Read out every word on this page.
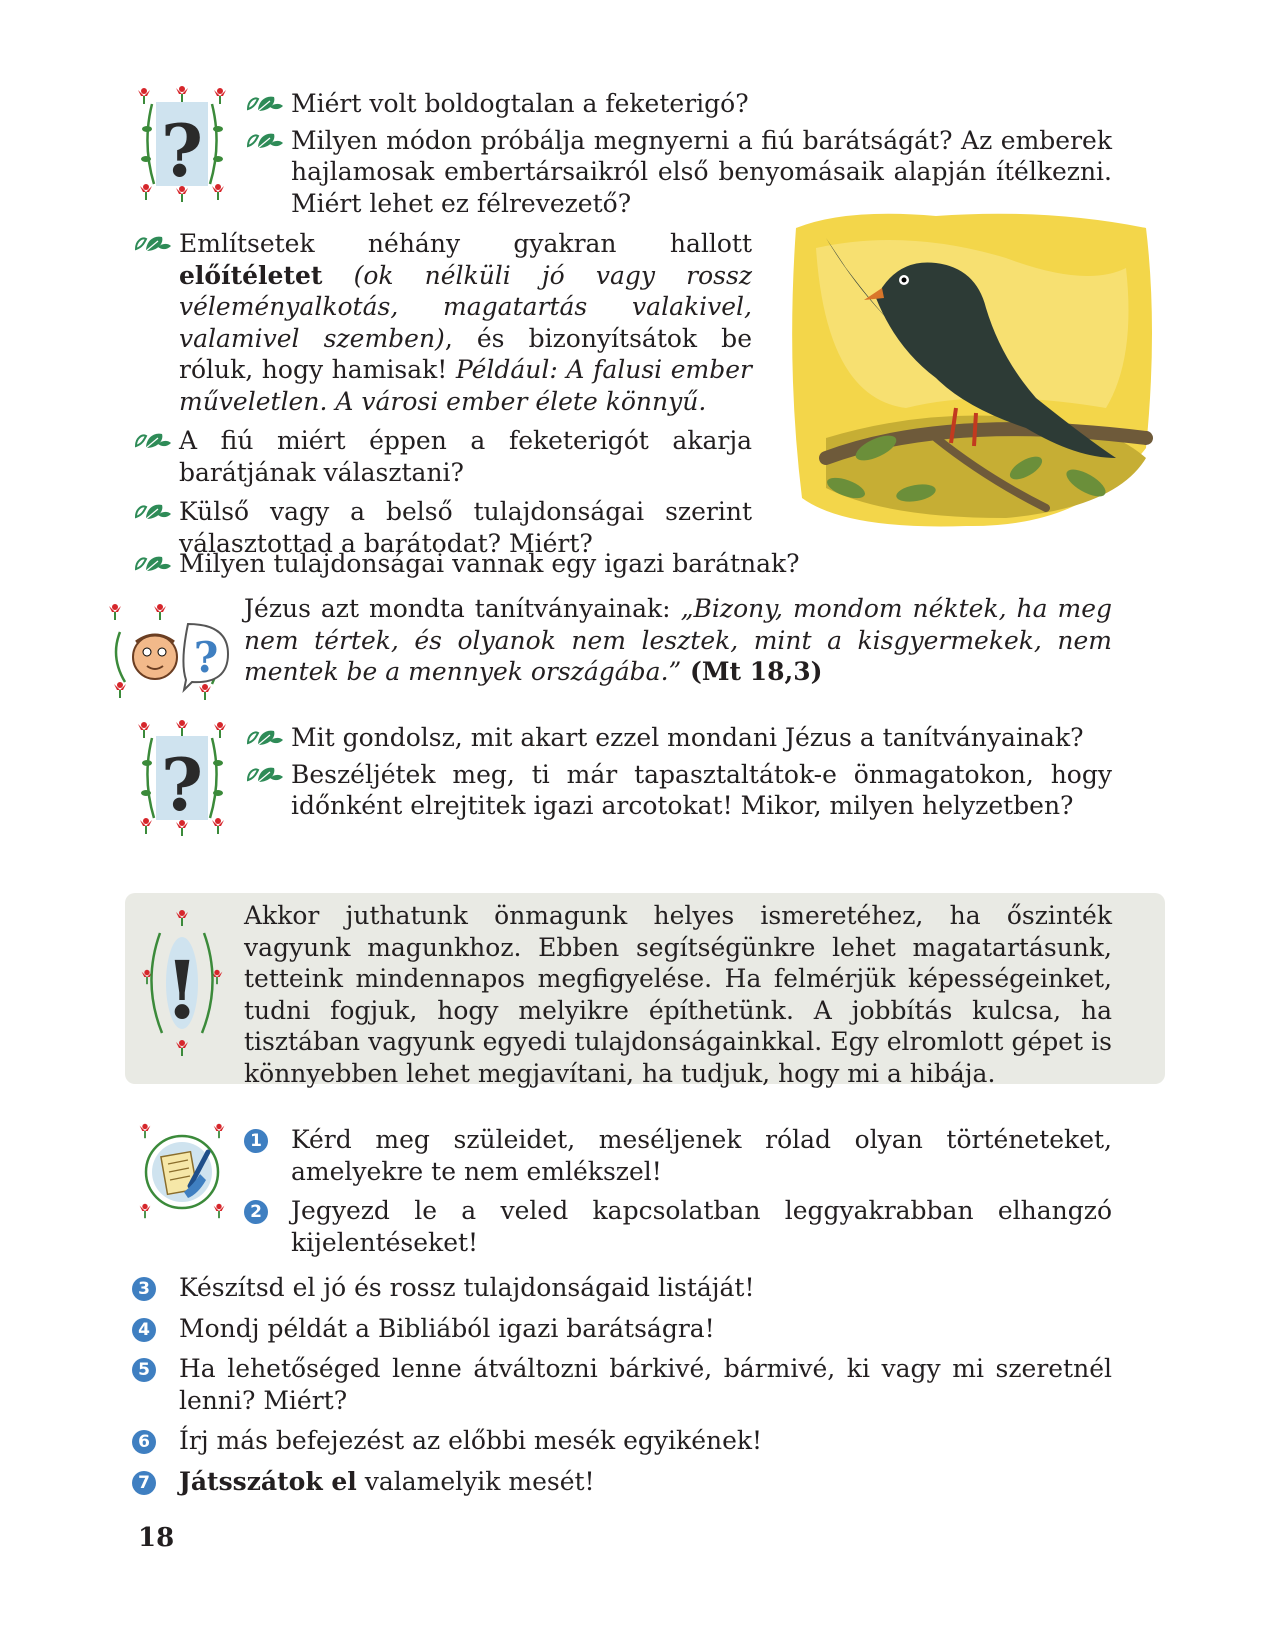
?
Miért volt boldogtalan a feketerigó?
Milyen módon próbálja megnyerni a fiú barátságát? Az emberek hajlamosak embertársaikról első benyomásaik alapján ítélkezni. Miért lehet ez félrevezető?
Említsetek néhány gyakran hallott előítéletet (ok nélküli jó vagy rossz véleményalkotás, magatartás valakivel, valamivel szemben), és bizonyítsátok be róluk, hogy hamisak! Például: A falusi ember műveletlen. A városi ember élete könnyű.
A fiú miért éppen a feketerigót akarja barátjának választani?
Külső vagy a belső tulajdonságai szerint választottad a barátodat? Miért?
Milyen tulajdonságai vannak egy igazi barátnak?
?
Jézus azt mondta tanítványainak: „Bizony, mondom néktek, ha meg nem tértek, és olyanok nem lesztek, mint a kisgyermekek, nem mentek be a mennyek országába.” (Mt 18,3)
?
Mit gondolsz, mit akart ezzel mondani Jézus a tanítványainak?
Beszéljétek meg, ti már tapasztaltátok-e önmagatokon, hogy időnként elrejtitek igazi arcotokat! Mikor, milyen helyzetben?
!
Akkor juthatunk önmagunk helyes ismeretéhez, ha őszinték vagyunk magunkhoz. Ebben segítségünkre lehet magatartásunk, tetteink mindennapos megfigyelése. Ha felmérjük képességeinket, tudni fogjuk, hogy melyikre építhetünk. A jobbítás kulcsa, ha tisztában vagyunk egyedi tulajdonságainkkal. Egy elromlott gépet is könnyebben lehet megjavítani, ha tudjuk, hogy mi a hibája.
1 Kérd meg szüleidet, meséljenek rólad olyan történeteket, amelyekre te nem emlékszel!
2 Jegyezd le a veled kapcsolatban leggyakrabban elhangzó kijelentéseket!
3 Készítsd el jó és rossz tulajdonságaid listáját!
4 Mondj példát a Bibliából igazi barátságra!
5 Ha lehetőséged lenne átváltozni bárkivé, bármivé, ki vagy mi szeretnél lenni? Miért?
6 Írj más befejezést az előbbi mesék egyikének!
7 Játsszátok el valamelyik mesét!
18
